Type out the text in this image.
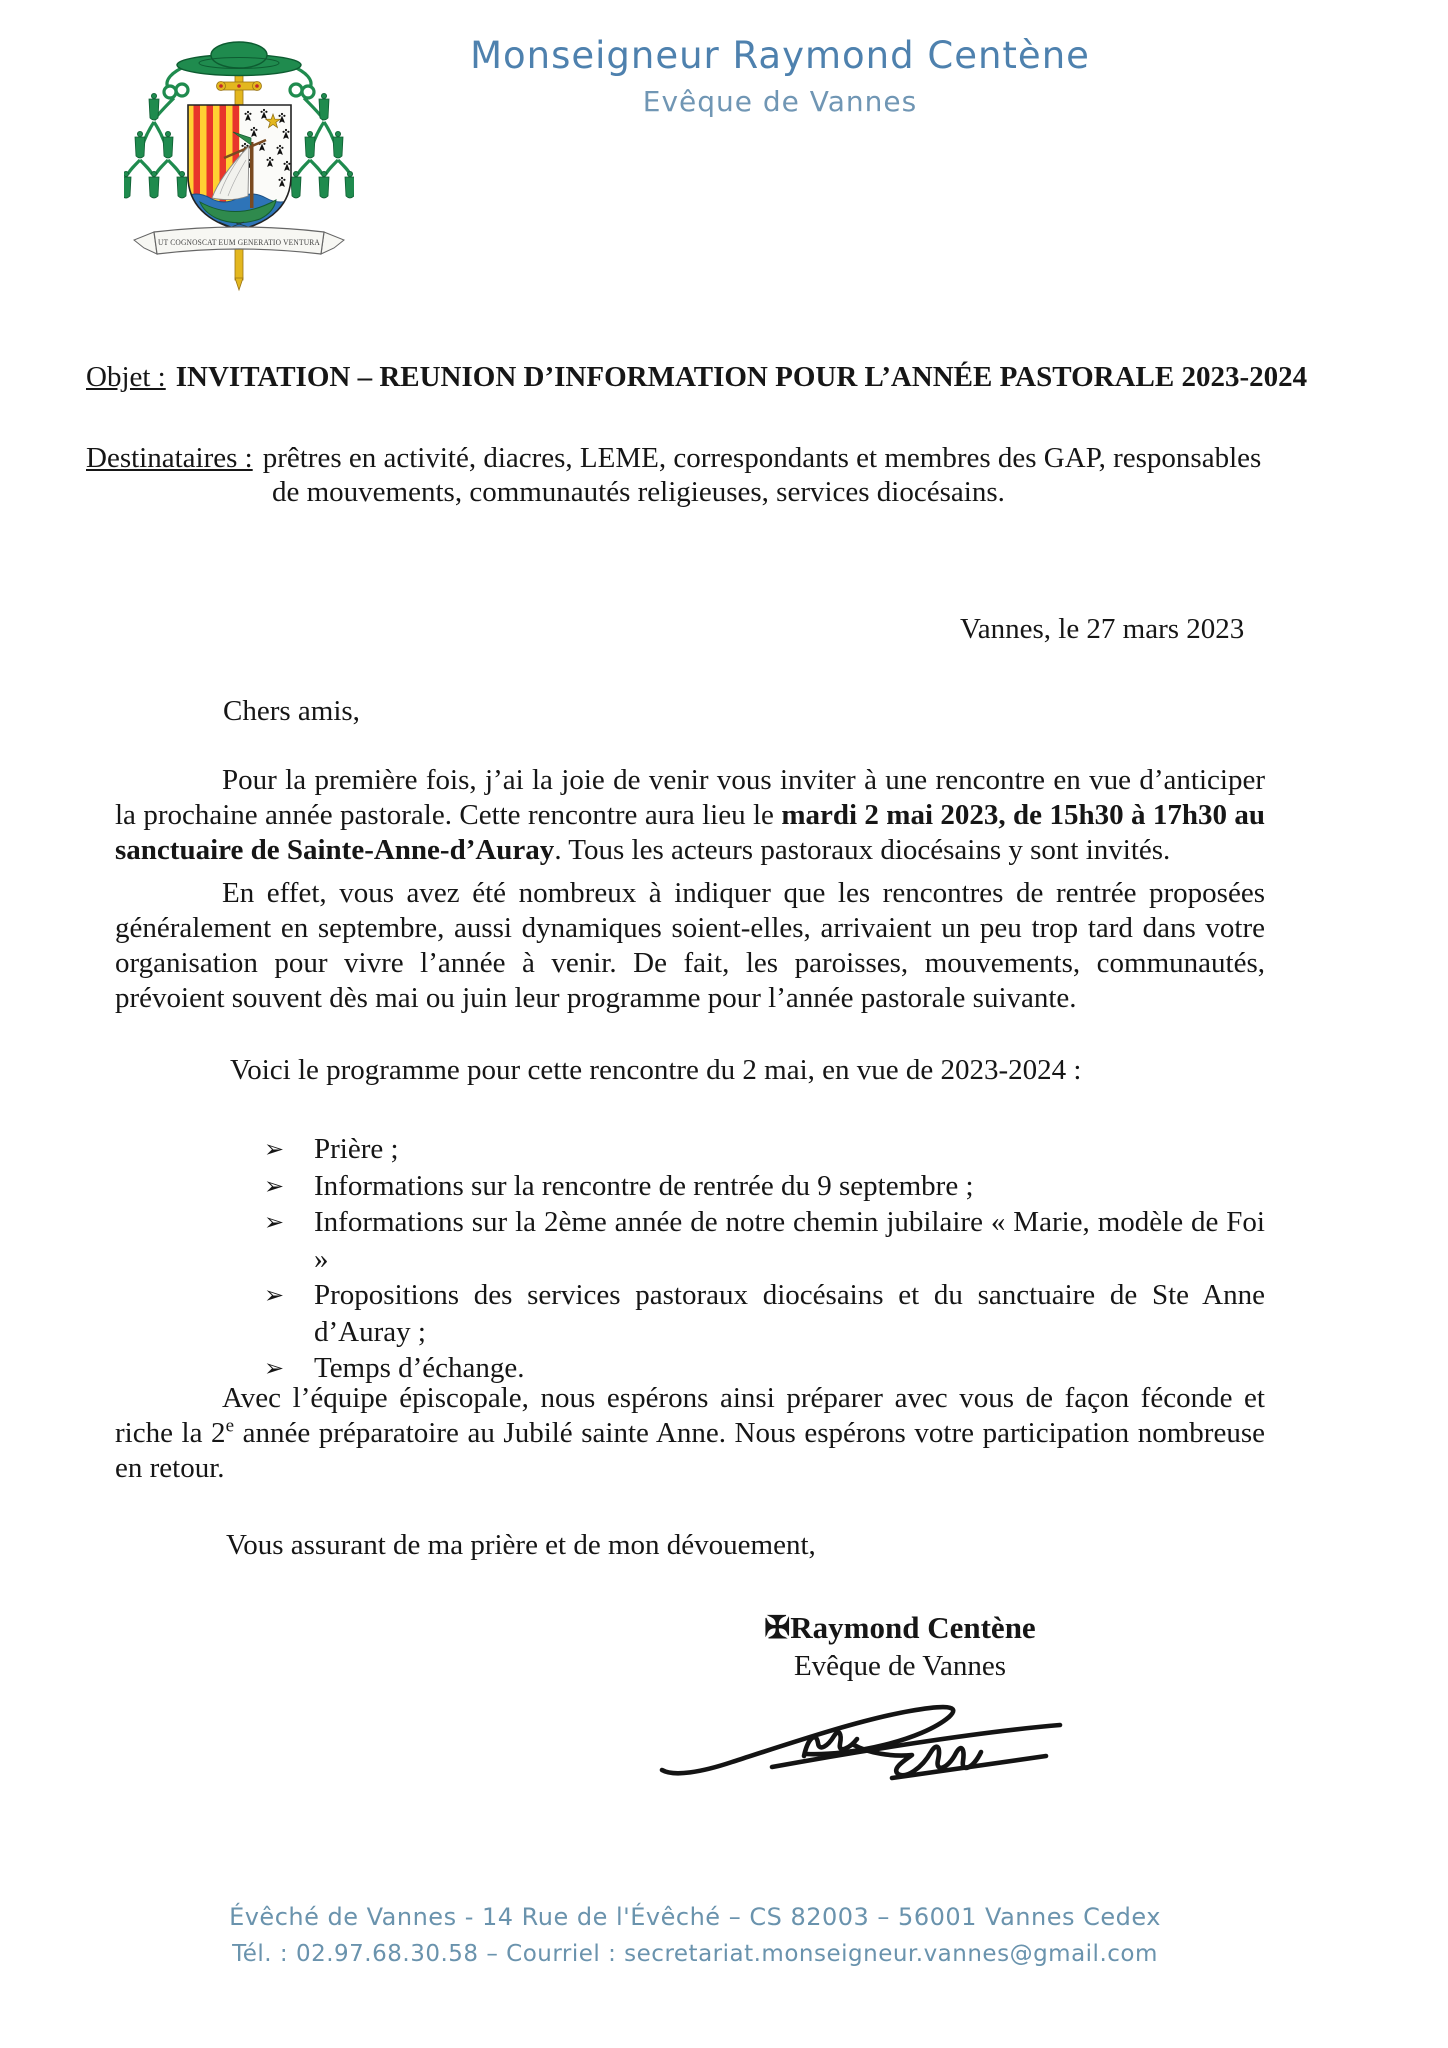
UT COGNOSCAT EUM GENERATIO VENTURA
Monseigneur Raymond Centène
Evêque de Vannes
Objet : INVITATION – REUNION D’INFORMATION POUR L’ANNÉE PASTORALE 2023-2024
Destinataires : prêtres en activité, diacres, LEME, correspondants et membres des GAP, responsables
de mouvements, communautés religieuses, services diocésains.
Vannes, le 27 mars 2023
Chers amis,
Pour la première fois, j’ai la joie de venir vous inviter à une rencontre en vue d’anticiper la prochaine année pastorale. Cette rencontre aura lieu le mardi 2 mai 2023, de 15h30 à 17h30 au sanctuaire de Sainte-Anne-d’Auray. Tous les acteurs pastoraux diocésains y sont invités.
En effet, vous avez été nombreux à indiquer que les rencontres de rentrée proposées généralement en septembre, aussi dynamiques soient-elles, arrivaient un peu trop tard dans votre organisation pour vivre l’année à venir. De fait, les paroisses, mouvements, communautés, prévoient souvent dès mai ou juin leur programme pour l’année pastorale suivante.
Voici le programme pour cette rencontre du 2 mai, en vue de 2023-2024 :
➢ Prière ;
➢ Informations sur la rencontre de rentrée du 9 septembre ;
➢ Informations sur la 2ème année de notre chemin jubilaire « Marie, modèle de Foi »
➢ Propositions des services pastoraux diocésains et du sanctuaire de Ste Anne d’Auray ;
➢ Temps d’échange.
Avec l’équipe épiscopale, nous espérons ainsi préparer avec vous de façon féconde et riche la 2e année préparatoire au Jubilé sainte Anne. Nous espérons votre participation nombreuse en retour.
Vous assurant de ma prière et de mon dévouement,
✠Raymond Centène
Evêque de Vannes
Évêché de Vannes - 14 Rue de l'Évêché – CS 82003 – 56001 Vannes Cedex
Tél. : 02.97.68.30.58 – Courriel : secretariat.monseigneur.vannes@gmail.com
